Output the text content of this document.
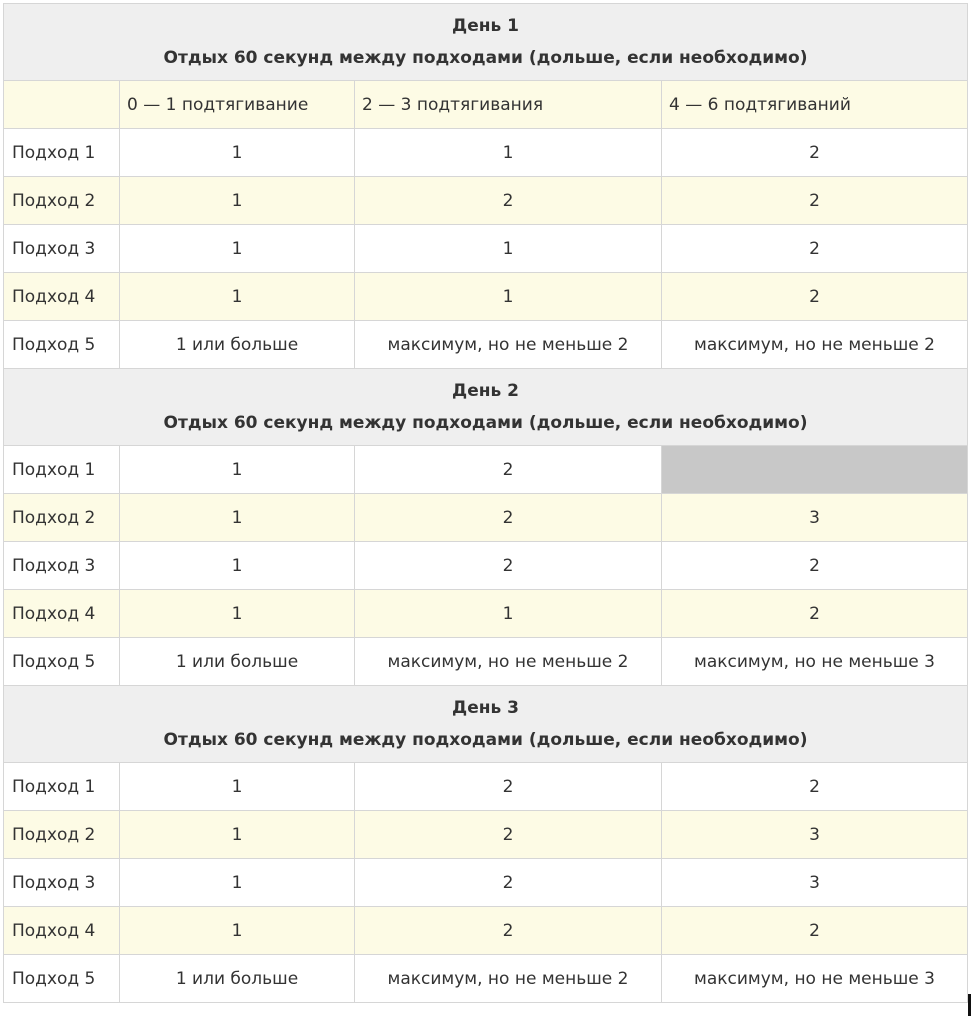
День 1
Отдых 60 секунд между подходами (дольше, если необходимо)			

	0 — 1 подтягивание	2 — 3 подтягивания	4 — 6 подтягиваний
Подход 1	1	1	2
Подход 2	1	2	2
Подход 3	1	1	2
Подход 4	1	1	2
Подход 5	1 или больше	максимум, но не меньше 2	максимум, но не меньше 2

День 2
Отдых 60 секунд между подходами (дольше, если необходимо)			

Подход 1	1	2	
Подход 2	1	2	3
Подход 3	1	2	2
Подход 4	1	1	2
Подход 5	1 или больше	максимум, но не меньше 2	максимум, но не меньше 3

День 3
Отдых 60 секунд между подходами (дольше, если необходимо)			

Подход 1	1	2	2
Подход 2	1	2	3
Подход 3	1	2	3
Подход 4	1	2	2
Подход 5	1 или больше	максимум, но не меньше 2	максимум, но не меньше 3
